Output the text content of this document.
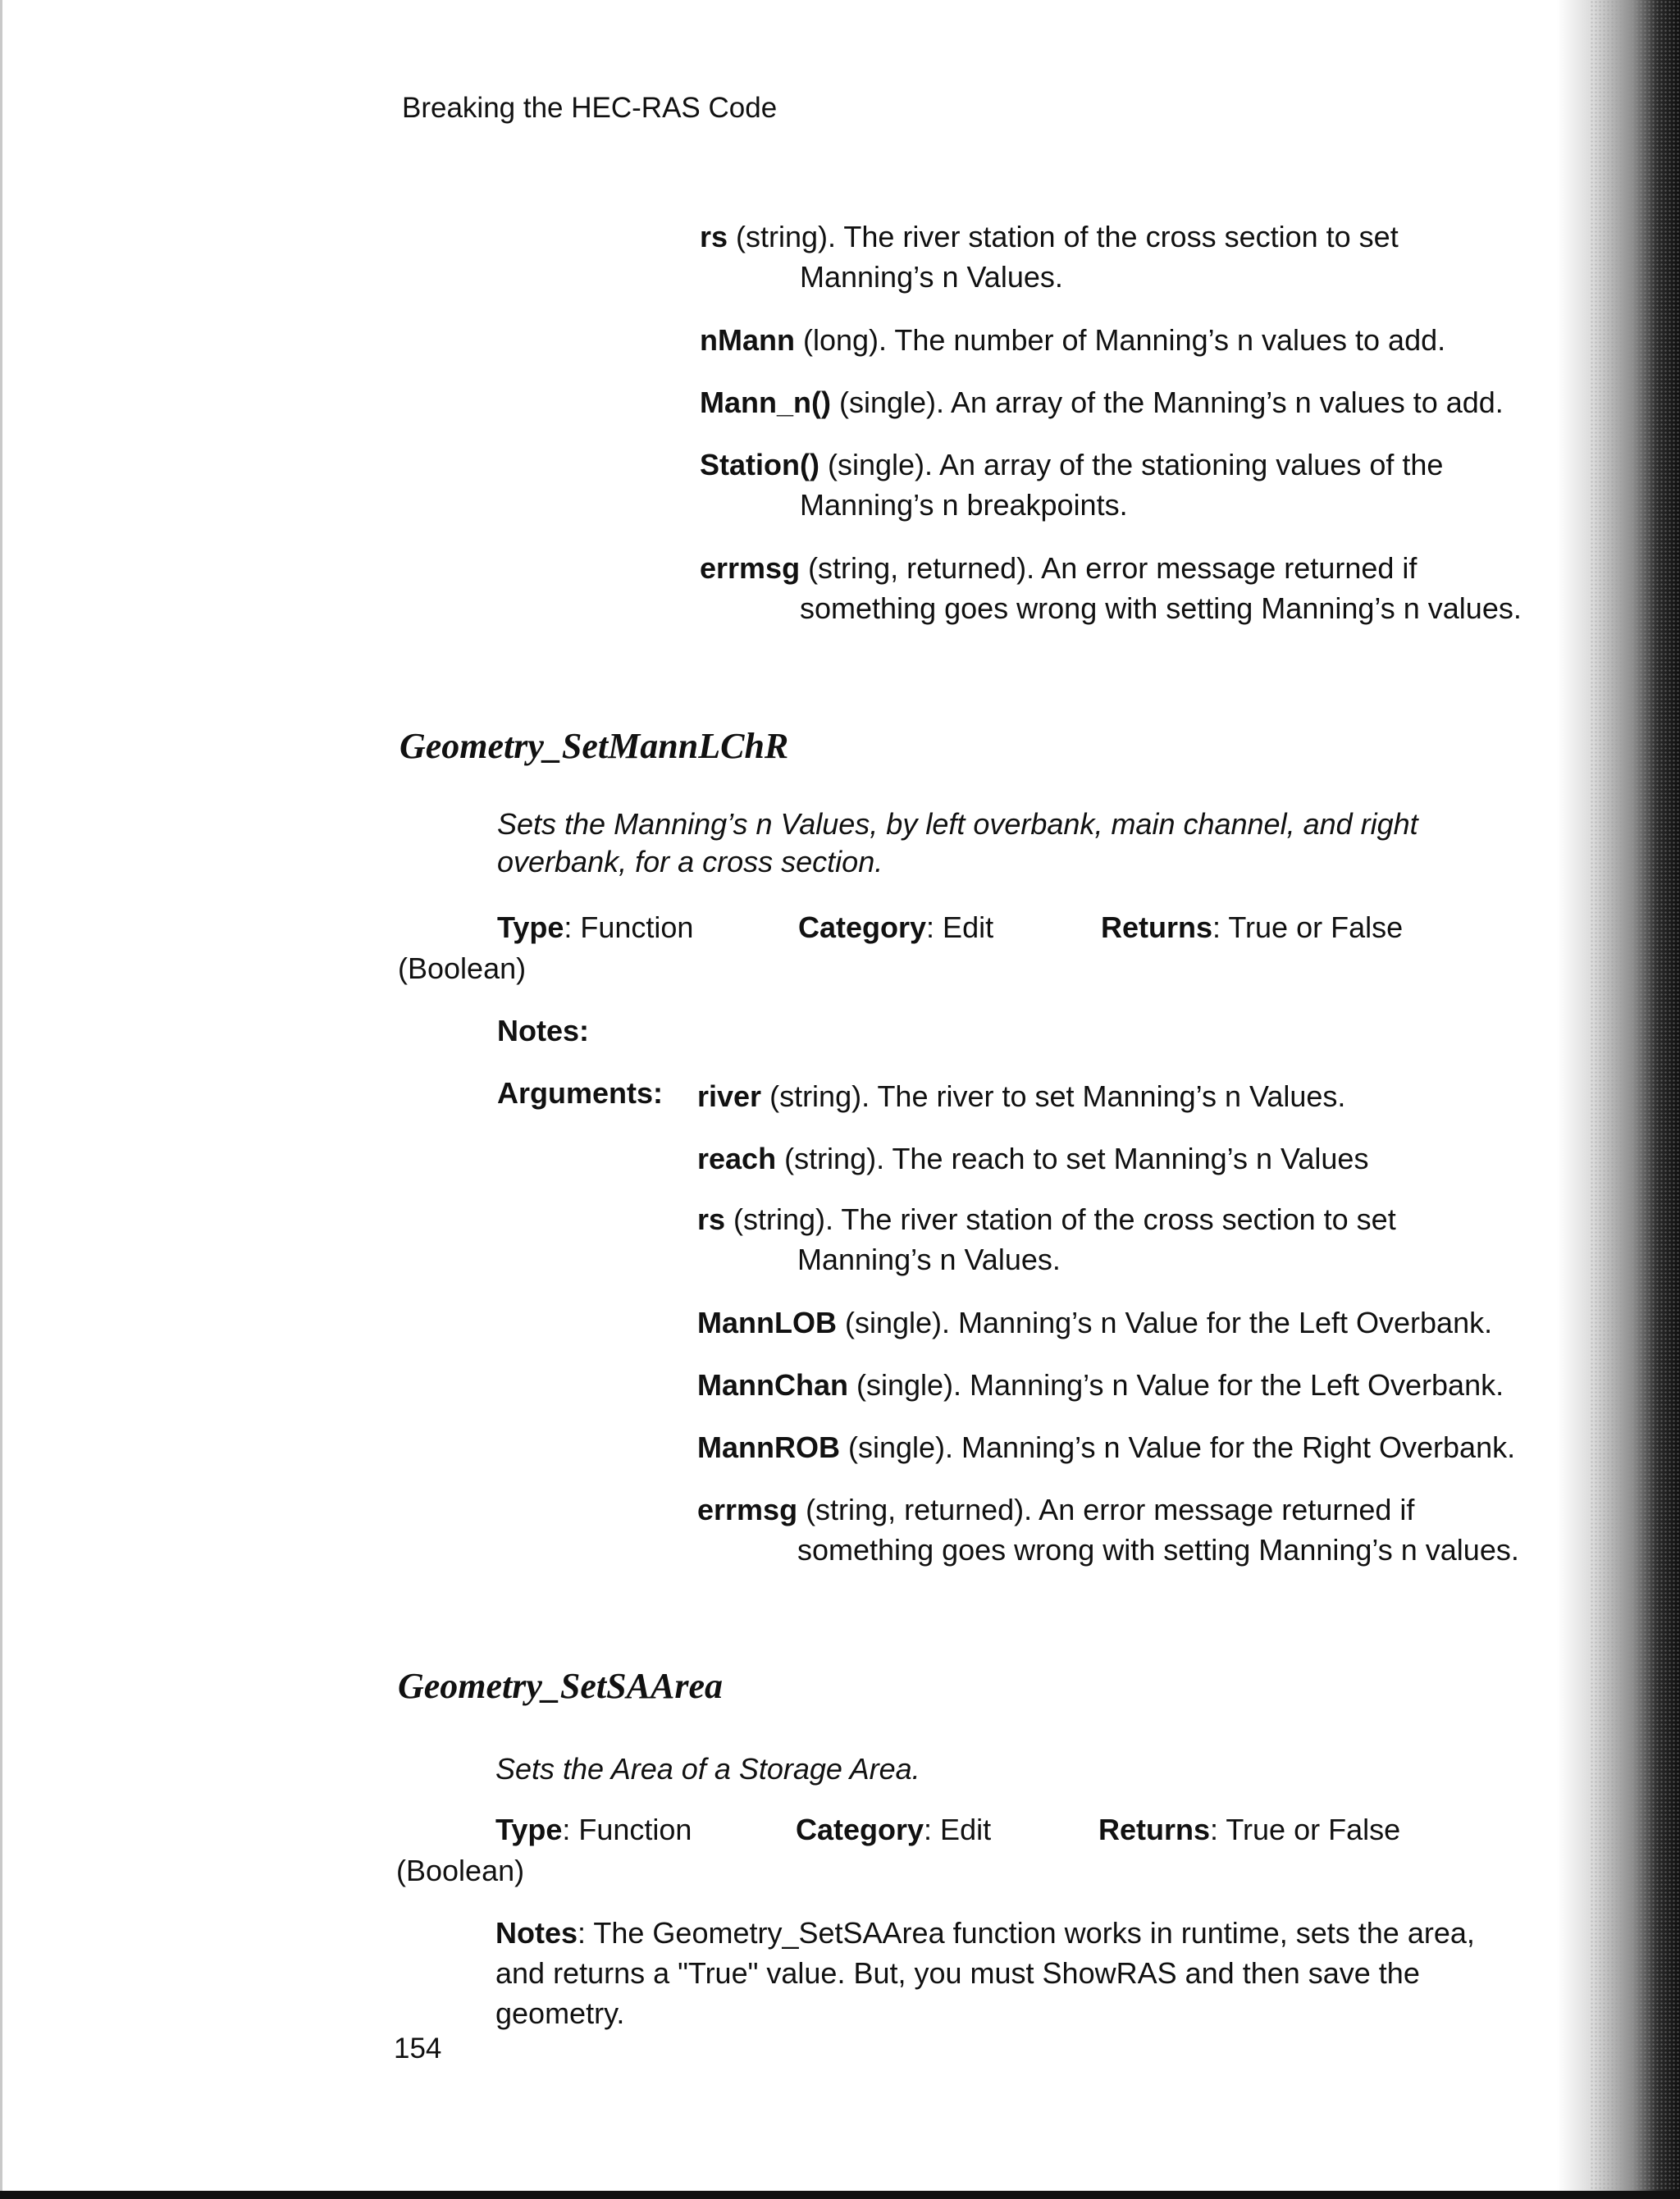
Breaking the HEC-RAS Code
rs (string). The river station of the cross section to set
Manning’s n Values.
nMann (long). The number of Manning’s n values to add.
Mann_n() (single). An array of the Manning’s n values to add.
Station() (single). An array of the stationing values of the
Manning’s n breakpoints.
errmsg (string, returned). An error message returned if
something goes wrong with setting Manning’s n values.
Geometry_SetMannLChR
Sets the Manning’s n Values, by left overbank, main channel, and right overbank, for a cross section.
Type: Function	Category: Edit	Returns: True or False
(Boolean)
Notes:
Arguments: river (string). The river to set Manning’s n Values.
reach (string). The reach to set Manning’s n Values
rs (string). The river station of the cross section to set
Manning’s n Values.
MannLOB (single). Manning’s n Value for the Left Overbank.
MannChan (single). Manning’s n Value for the Left Overbank.
MannROB (single). Manning’s n Value for the Right Overbank.
errmsg (string, returned). An error message returned if
something goes wrong with setting Manning’s n values.
Geometry_SetSAArea
Sets the Area of a Storage Area.
Type: Function	Category: Edit	Returns: True or False
(Boolean)
Notes: The Geometry_SetSAArea function works in runtime, sets the area, and returns a "True" value. But, you must ShowRAS and then save the geometry.
154
